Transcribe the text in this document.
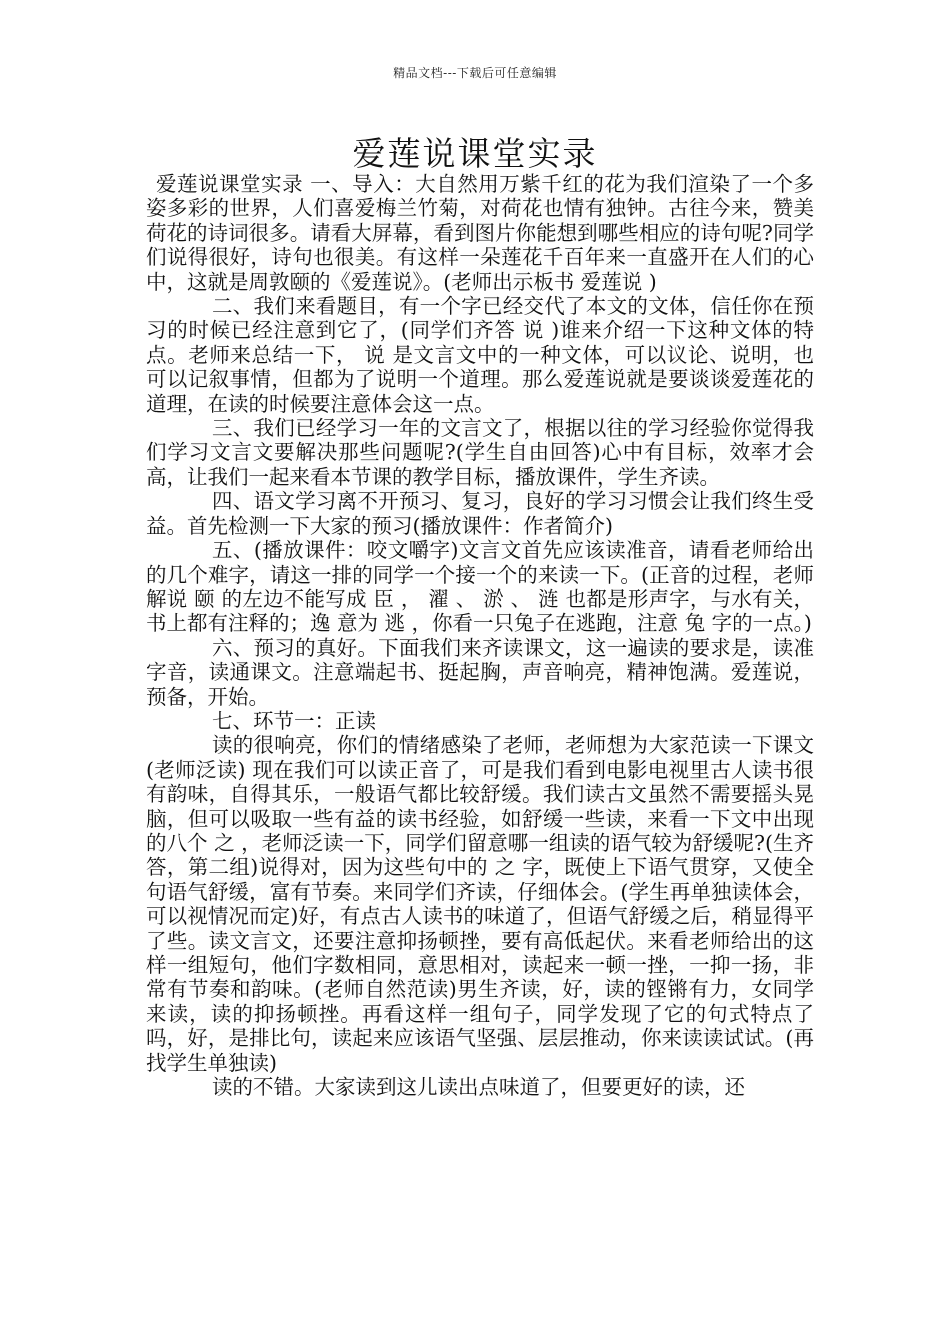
精品文档---下载后可任意编辑
爱莲说课堂实录

爱莲说课堂实录 一、导入：大自然用万紫千红的花为我们渲染了一个多姿多彩的世界，人们喜爱梅兰竹菊，对荷花也情有独钟。古往今来，赞美荷花的诗词很多。请看大屏幕，看到图片你能想到哪些相应的诗句呢?同学们说得很好，诗句也很美。有这样一朵莲花千百年来一直盛开在人们的心中，这就是周敦颐的《爱莲说》。(老师出示板书 爱莲说 )

二、我们来看题目，有一个字已经交代了本文的文体，信任你在预习的时候已经注意到它了，(同学们齐答 说 )谁来介绍一下这种文体的特点。老师来总结一下， 说 是文言文中的一种文体，可以议论、说明，也可以记叙事情，但都为了说明一个道理。那么爱莲说就是要谈谈爱莲花的道理，在读的时候要注意体会这一点。

三、我们已经学习一年的文言文了，根据以往的学习经验你觉得我们学习文言文要解决那些问题呢?(学生自由回答)心中有目标，效率才会高，让我们一起来看本节课的教学目标，播放课件，学生齐读。

四、语文学习离不开预习、复习，良好的学习习惯会让我们终生受益。首先检测一下大家的预习(播放课件：作者简介)

五、(播放课件：咬文嚼字)文言文首先应该读准音，请看老师给出的几个难字，请这一排的同学一个接一个的来读一下。(正音的过程，老师解说 颐 的左边不能写成 臣 ， 濯 、 淤 、 涟 也都是形声字，与水有关，书上都有注释的；逸 意为 逃 ，你看一只兔子在逃跑，注意 兔 字的一点。)

六、预习的真好。下面我们来齐读课文，这一遍读的要求是，读准字音，读通课文。注意端起书、挺起胸，声音响亮，精神饱满。爱莲说，预备，开始。

七、环节一：正读

读的很响亮，你们的情绪感染了老师，老师想为大家范读一下课文(老师泛读) 现在我们可以读正音了，可是我们看到电影电视里古人读书很有韵味，自得其乐，一般语气都比较舒缓。我们读古文虽然不需要摇头晃脑，但可以吸取一些有益的读书经验，如舒缓一些读，来看一下文中出现的八个 之 ，老师泛读一下，同学们留意哪一组读的语气较为舒缓呢?(生齐答，第二组)说得对，因为这些句中的 之 字，既使上下语气贯穿，又使全句语气舒缓，富有节奏。来同学们齐读，仔细体会。(学生再单独读体会，可以视情况而定)好，有点古人读书的味道了，但语气舒缓之后，稍显得平了些。读文言文，还要注意抑扬顿挫，要有高低起伏。来看老师给出的这样一组短句，他们字数相同，意思相对，读起来一顿一挫，一抑一扬，非常有节奏和韵味。(老师自然范读)男生齐读，好，读的铿锵有力，女同学来读，读的抑扬顿挫。再看这样一组句子，同学发现了它的句式特点了吗，好，是排比句，读起来应该语气坚强、层层推动，你来读读试试。(再找学生单独读)

读的不错。大家读到这儿读出点味道了，但要更好的读，还
